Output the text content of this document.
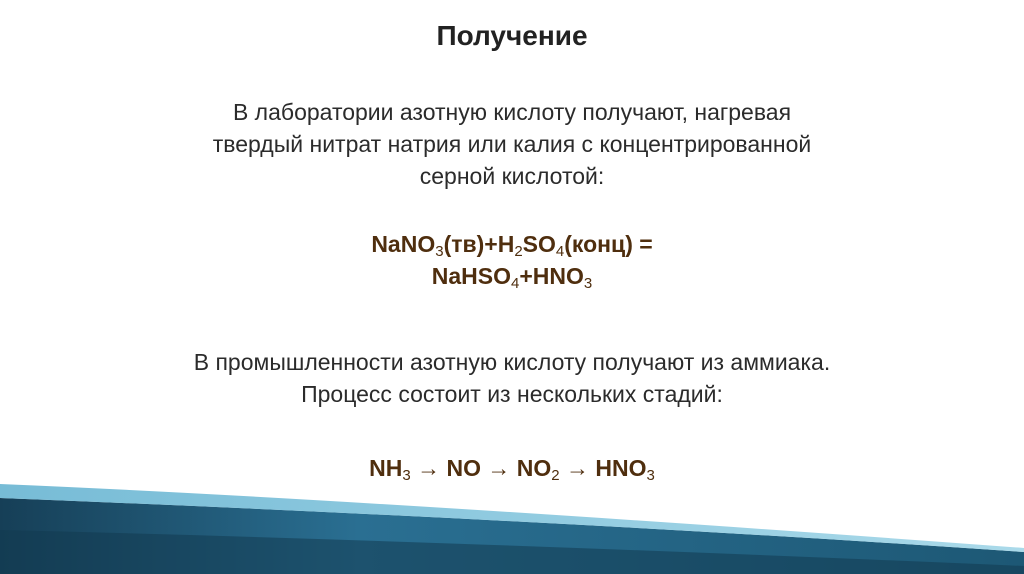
Получение
В лаборатории азотную кислоту получают, нагревая
твердый нитрат натрия или калия с концентрированной
серной кислотой:
$NaNO_3(тв)+H_2SO_4(конц)$ =
$NaHSO_4+HNO_3$
В промышленности азотную кислоту получают из аммиака.
Процесс состоит из нескольких стадий:
$NH_3$ → NO → $NO_2 \to HNO_3$
